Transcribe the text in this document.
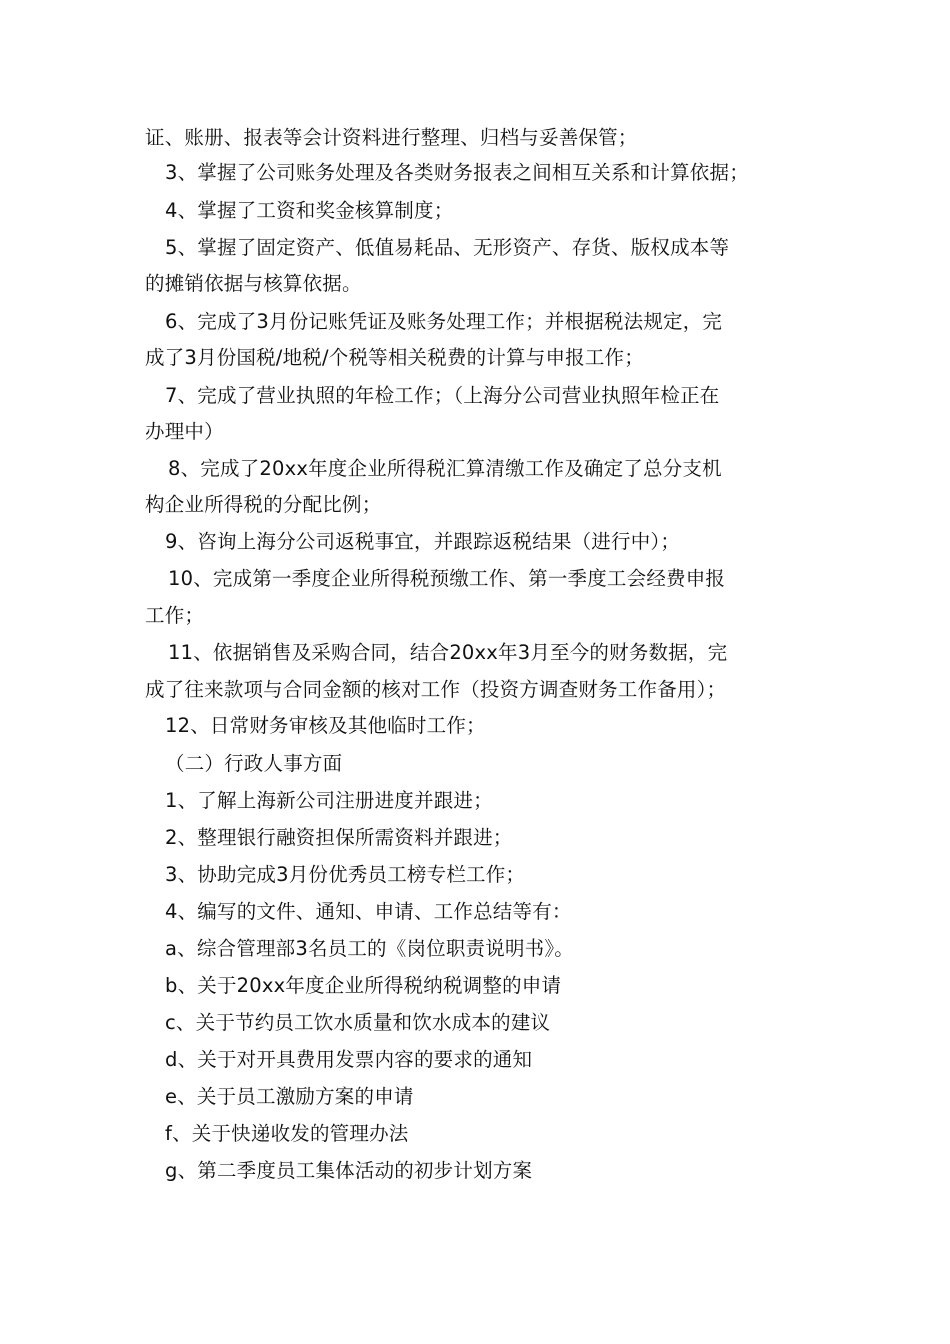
证、账册、报表等会计资料进行整理、归档与妥善保管；
3、掌握了公司账务处理及各类财务报表之间相互关系和计算依据；
4、掌握了工资和奖金核算制度；
5、掌握了固定资产、低值易耗品、无形资产、存货、版权成本等
的摊销依据与核算依据。
6、完成了3月份记账凭证及账务处理工作；并根据税法规定，完
成了3月份国税/地税/个税等相关税费的计算与申报工作；
7、完成了营业执照的年检工作；（上海分公司营业执照年检正在
办理中）
8、完成了20xx年度企业所得税汇算清缴工作及确定了总分支机
构企业所得税的分配比例；
9、咨询上海分公司返税事宜，并跟踪返税结果（进行中）；
10、完成第一季度企业所得税预缴工作、第一季度工会经费申报
工作；
11、依据销售及采购合同，结合20xx年3月至今的财务数据，完
成了往来款项与合同金额的核对工作（投资方调查财务工作备用）；
12、日常财务审核及其他临时工作；
（二）行政人事方面
1、了解上海新公司注册进度并跟进；
2、整理银行融资担保所需资料并跟进；
3、协助完成3月份优秀员工榜专栏工作；
4、编写的文件、通知、申请、工作总结等有：
a、综合管理部3名员工的《岗位职责说明书》。
b、关于20xx年度企业所得税纳税调整的申请
c、关于节约员工饮水质量和饮水成本的建议
d、关于对开具费用发票内容的要求的通知
e、关于员工激励方案的申请
f、关于快递收发的管理办法
g、第二季度员工集体活动的初步计划方案
